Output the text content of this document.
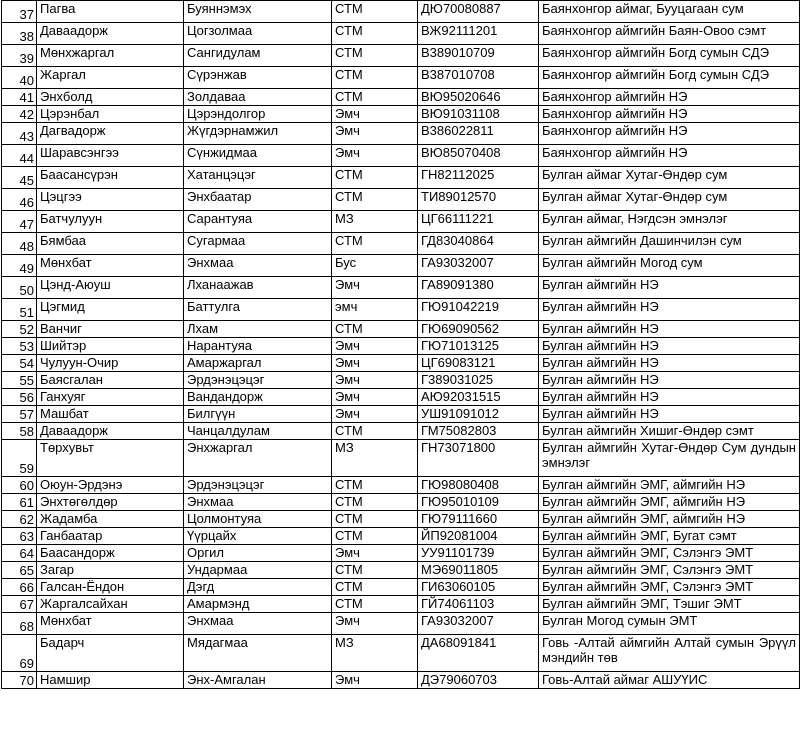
37	Пагва	Буяннэмэх	СТМ	ДЮ70080887	Баянхонгор аймаг, Бууцагаан сум
38	Даваадорж	Цогзолмаа	СТМ	ВЖ92111201	Баянхонгор аймгийн Баян-Овоо сэмт
39	Мөнхжаргал	Сангидулам	СТМ	В389010709	Баянхонгор аймгийн Богд сумын СДЭ
40	Жаргал	Сүрэнжав	СТМ	В387010708	Баянхонгор аймгийн Богд сумын СДЭ
41	Энхболд	Золдаваа	СТМ	ВЮ95020646	Баянхонгор аймгийн НЭ
42	Цэрэнбал	Цэрэндолгор	Эмч	ВЮ91031108	Баянхонгор аймгийн НЭ
43	Дагвадорж	Жүгдэрнамжил	Эмч	В386022811	Баянхонгор аймгийн НЭ
44	Шаравсэнгээ	Сүнжидмаа	Эмч	ВЮ85070408	Баянхонгор аймгийн НЭ
45	Баасансүрэн	Хатанцэцэг	СТМ	ГН82112025	Булган аймаг Хутаг-Өндөр сум
46	Цэцгээ	Энхбаатар	СТМ	ТИ89012570	Булган аймаг Хутаг-Өндөр сум
47	Батчулуун	Сарантуяа	МЗ	ЦГ66111221	Булган аймаг, Нэгдсэн эмнэлэг
48	Бямбаа	Сугармаа	СТМ	ГД83040864	Булган аймгийн Дашинчилэн сум
49	Мөнхбат	Энхмаа	Бус	ГА93032007	Булган аймгийн Могод сум
50	Цэнд-Аюуш	Лханаажав	Эмч	ГА89091380	Булган аймгийн НЭ
51	Цэгмид	Баттулга	эмч	ГЮ91042219	Булган аймгийн НЭ
52	Ванчиг	Лхам	СТМ	ГЮ69090562	Булган аймгийн НЭ
53	Шийтэр	Нарантуяа	Эмч	ГЮ71013125	Булган аймгийн НЭ
54	Чулуун-Очир	Амаржаргал	Эмч	ЦГ69083121	Булган аймгийн НЭ
55	Баясгалан	Эрдэнэцэцэг	Эмч	Г389031025	Булган аймгийн НЭ
56	Ганхуяг	Вандандорж	Эмч	АЮ92031515	Булган аймгийн НЭ
57	Машбат	Билгүүн	Эмч	УШ91091012	Булган аймгийн НЭ
58	Даваадорж	Чанцалдулам	СТМ	ГМ75082803	Булган аймгийн Хишиг-Өндөр сэмт
59	Төрхувьт	Энхжаргал	МЗ	ГН73071800	Булган аймгийн Хутаг-Өндөр Сум дундын эмнэлэг
60	Оюун-Эрдэнэ	Эрдэнэцэцэг	СТМ	ГЮ98080408	Булган аймгийн ЭМГ, аймгийн НЭ
61	Энхтөгөлдөр	Энхмаа	СТМ	ГЮ95010109	Булган аймгийн ЭМГ, аймгийн НЭ
62	Жадамба	Цолмонтуяа	СТМ	ГЮ79111660	Булган аймгийн ЭМГ, аймгийн НЭ
63	Ганбаатар	Үүрцайх	СТМ	ЙП92081004	Булган аймгийн ЭМГ, Бугат сэмт
64	Баасандорж	Оргил	Эмч	УУ91101739	Булган аймгийн ЭМГ, Сэлэнгэ ЭМТ
65	Загар	Ундармаа	СТМ	МЭ69011805	Булган аймгийн ЭМГ, Сэлэнгэ ЭМТ
66	Галсан-Ёндон	Дэгд	СТМ	ГИ63060105	Булган аймгийн ЭМГ, Сэлэнгэ ЭМТ
67	Жаргалсайхан	Амармэнд	СТМ	ГЙ74061103	Булган аймгийн ЭМГ, Тэшиг ЭМТ
68	Мөнхбат	Энхмаа	Эмч	ГА93032007	Булган Могод сумын ЭМТ
69	Бадарч	Мядагмаа	МЗ	ДА68091841	Говь -Алтай аймгийн Алтай сумын Эрүүл мэндийн төв
70	Намшир	Энх-Амгалан	Эмч	ДЭ79060703	Говь-Алтай аймаг АШУҮИС
